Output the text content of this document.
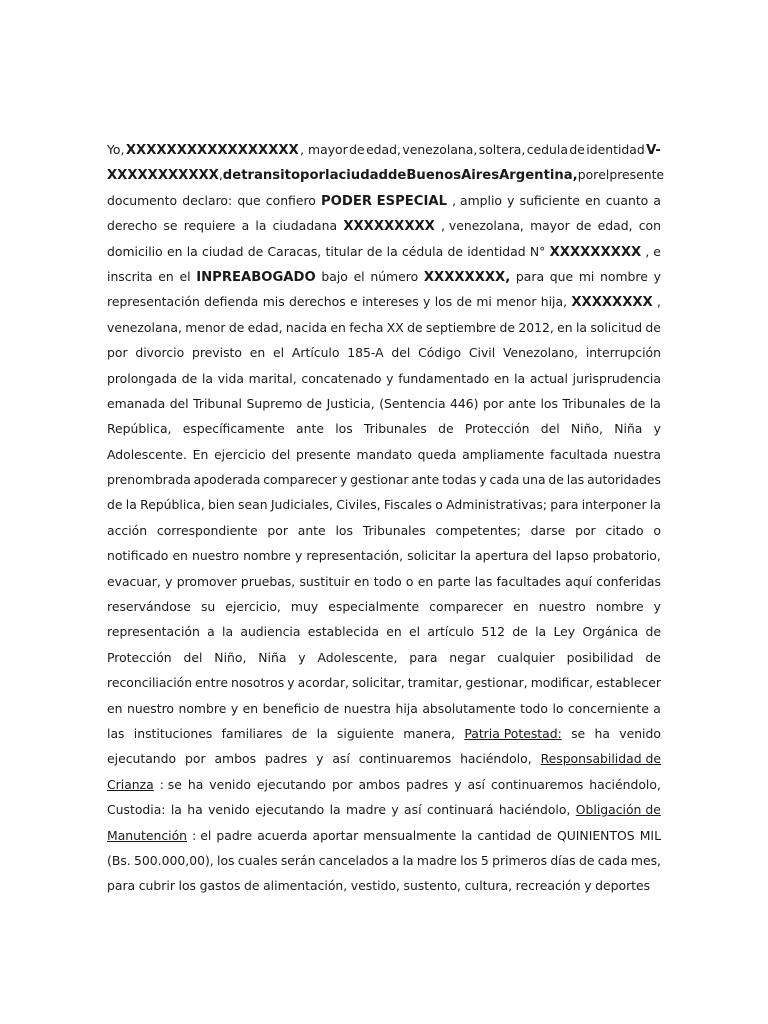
Yo, XXXXXXXXXXXXXXXXX , mayor de edad, venezolana, soltera, cedula de identidad V-
XXXXXXXXXXX , de transito por la ciudad de Buenos Aires Argentina, por el presente
documento declaro: que confiero PODER ESPECIAL , amplio y suficiente en cuanto a
derecho se requiere a la ciudadana XXXXXXXXX , venezolana, mayor de edad, con
domicilio en la ciudad de Caracas, titular de la cédula de identidad N° XXXXXXXXX , e
inscrita en el INPREABOGADO bajo el número XXXXXXXX, para que mi nombre y
representación defienda mis derechos e intereses y los de mi menor hija, XXXXXXXX ,
venezolana, menor de edad, nacida en fecha XX de septiembre de 2012, en la solicitud de
por divorcio previsto en el Artículo 185-A del Código Civil Venezolano, interrupción
prolongada de la vida marital, concatenado y fundamentado en la actual jurisprudencia
emanada del Tribunal Supremo de Justicia, (Sentencia 446) por ante los Tribunales de la
República, específicamente ante los Tribunales de Protección del Niño, Niña y
Adolescente. En ejercicio del presente mandato queda ampliamente facultada nuestra
prenombrada apoderada comparecer y gestionar ante todas y cada una de las autoridades
de la República, bien sean Judiciales, Civiles, Fiscales o Administrativas; para interponer la
acción correspondiente por ante los Tribunales competentes; darse por citado o
notificado en nuestro nombre y representación, solicitar la apertura del lapso probatorio,
evacuar, y promover pruebas, sustituir en todo o en parte las facultades aquí conferidas
reservándose su ejercicio, muy especialmente comparecer en nuestro nombre y
representación a la audiencia establecida en el artículo 512 de la Ley Orgánica de
Protección del Niño, Niña y Adolescente, para negar cualquier posibilidad de
reconciliación entre nosotros y acordar, solicitar, tramitar, gestionar, modificar, establecer
en nuestro nombre y en beneficio de nuestra hija absolutamente todo lo concerniente a
las instituciones familiares de la siguiente manera, Patria Potestad: se ha venido
ejecutando por ambos padres y así continuaremos haciéndolo, Responsabilidad de
Crianza : se ha venido ejecutando por ambos padres y así continuaremos haciéndolo,
Custodia: la ha venido ejecutando la madre y así continuará haciéndolo, Obligación de
Manutención : el padre acuerda aportar mensualmente la cantidad de QUINIENTOS MIL
(Bs. 500.000,00), los cuales serán cancelados a la madre los 5 primeros días de cada mes,
para cubrir los gastos de alimentación, vestido, sustento, cultura, recreación y deportes
